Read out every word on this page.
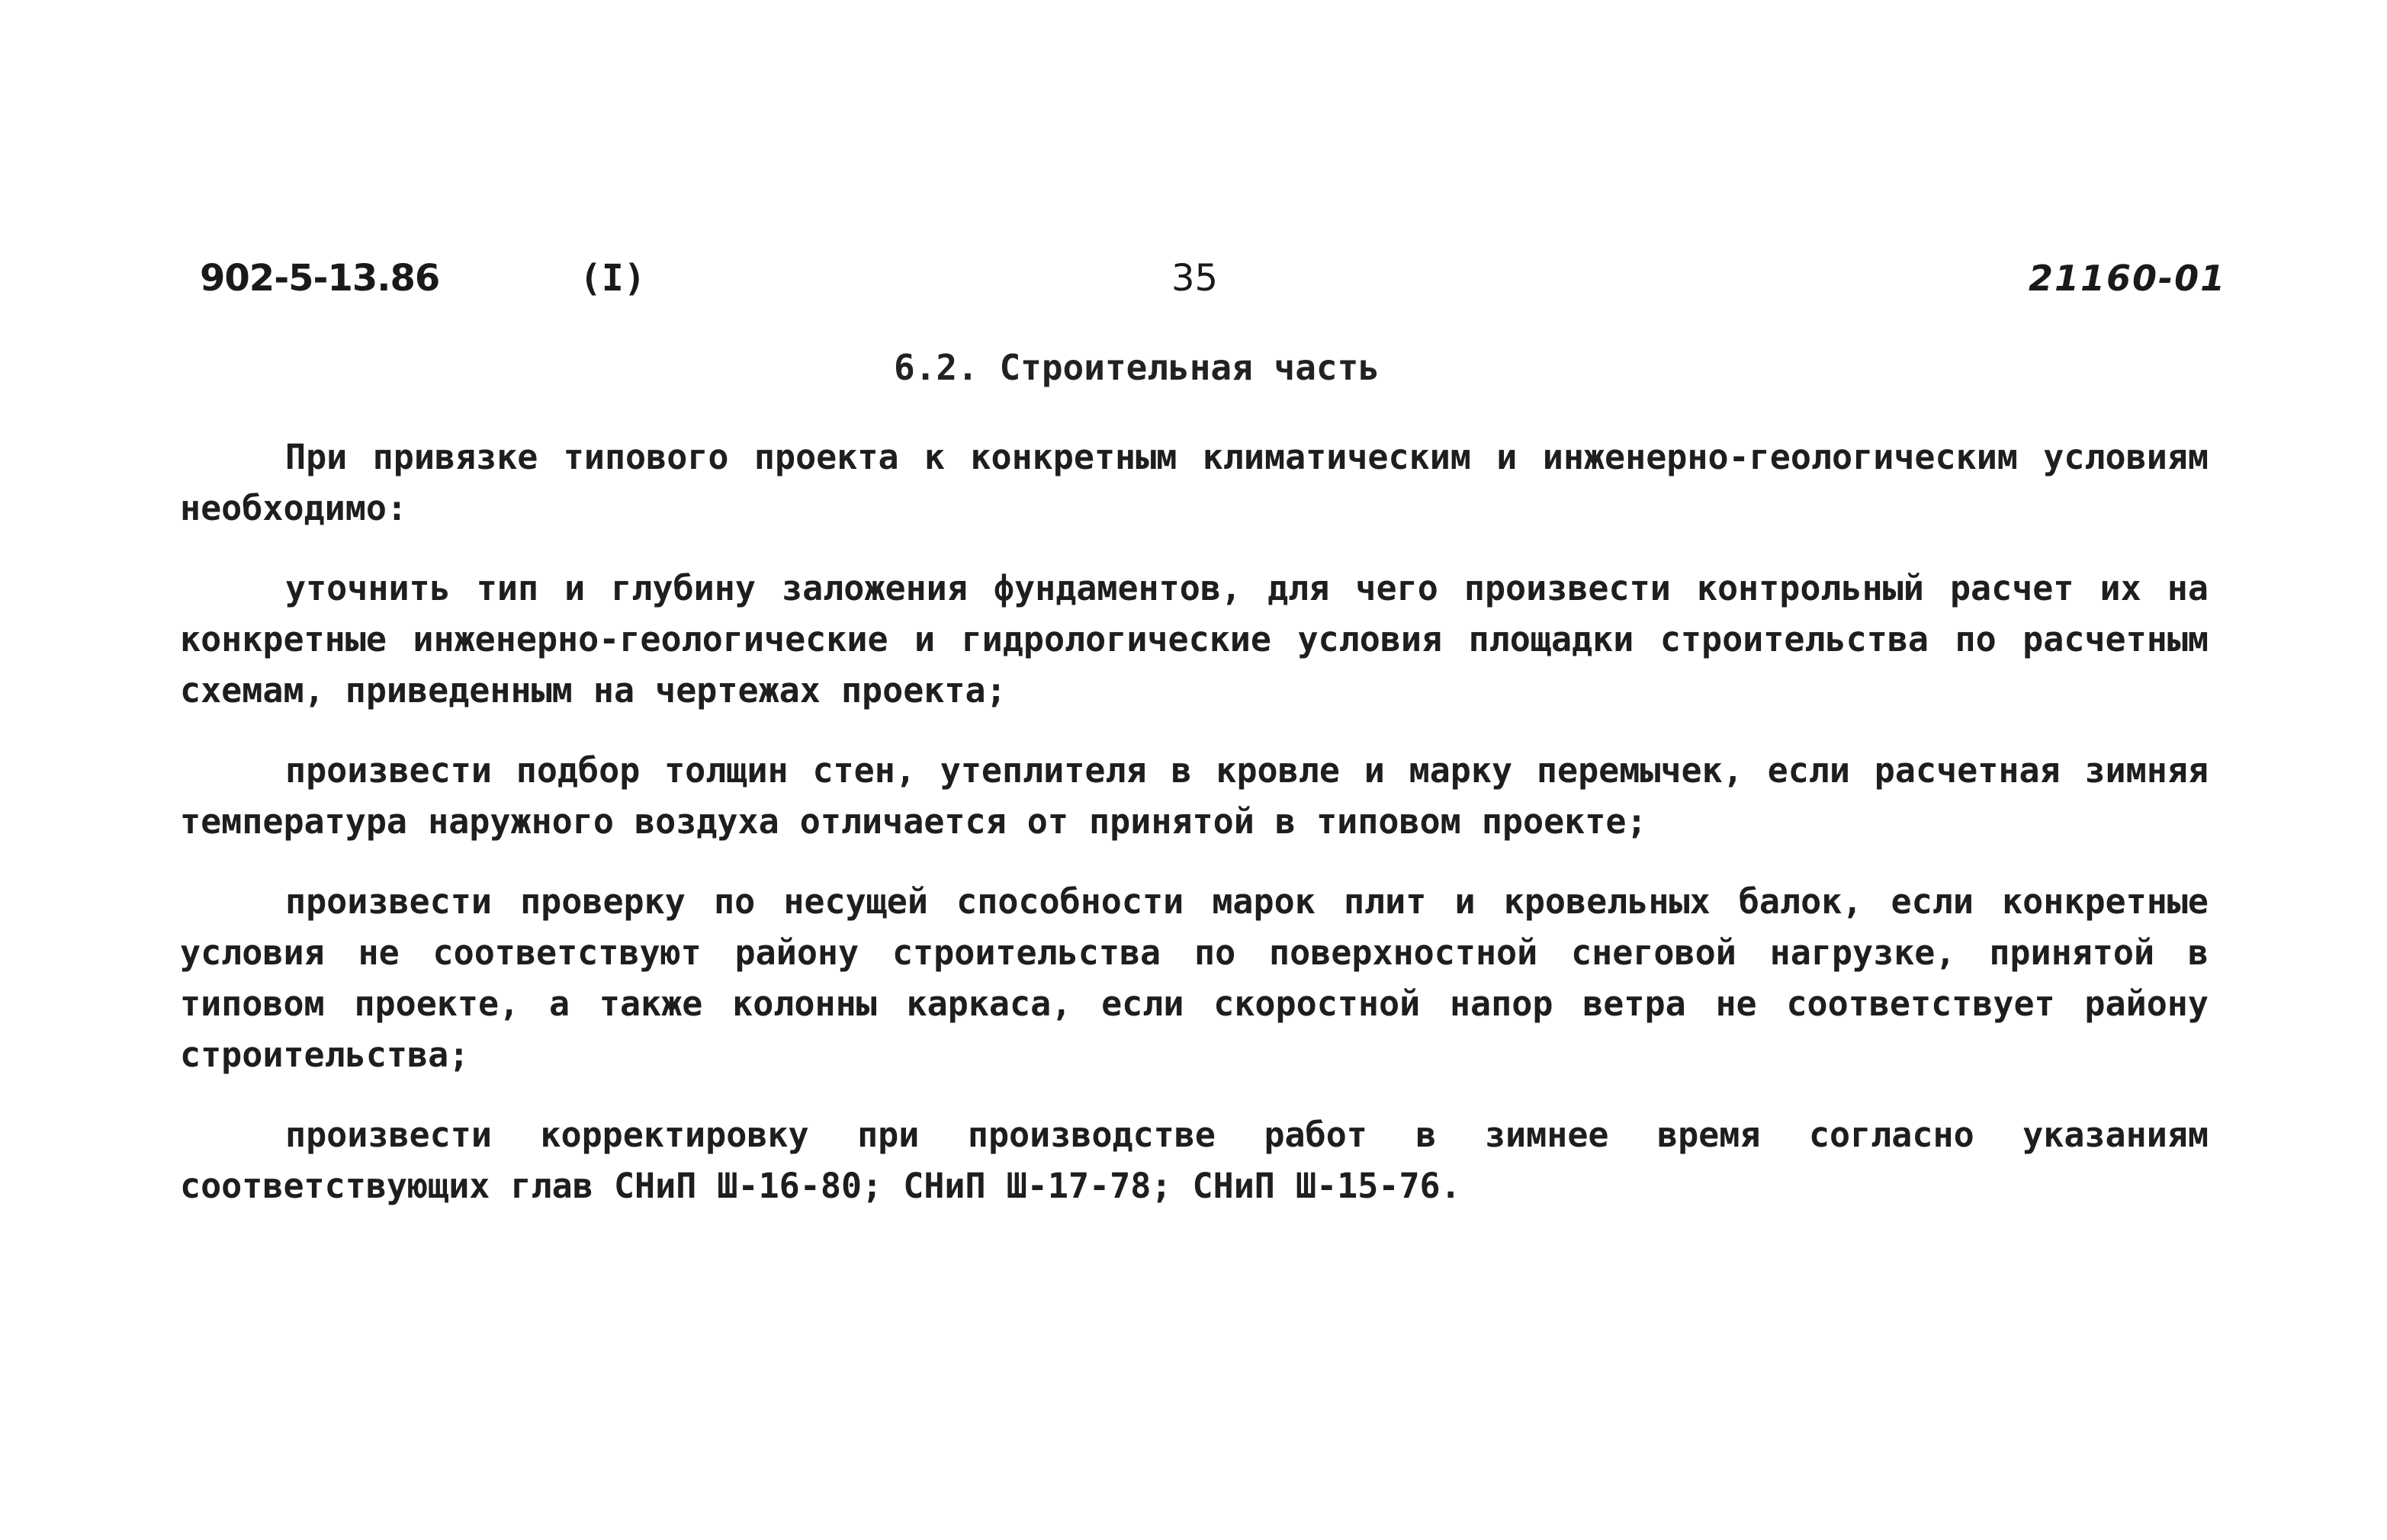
902-5-13.86	(I)	35	21160-01
6.2. Строительная часть

При привязке типового проекта к конкретным климатическим и инженерно-геологическим условиям необходимо:

уточнить тип и глубину заложения фундаментов, для чего произвести контрольный расчет их на конкретные инженерно-геологические и гидрологические условия площадки строительства по расчетным схемам, приведенным на чертежах проекта;

произвести подбор толщин стен, утеплителя в кровле и марку перемычек, если расчетная зимняя температура наружного воздуха отличается от принятой в типовом проекте;

произвести проверку по несущей способности марок плит и кровельных балок, если конкретные условия не соответствуют району строительства по поверхностной снеговой нагрузке, принятой в типовом проекте, а также колонны каркаса, если скоростной напор ветра не соответствует району строительства;

произвести корректировку при производстве работ в зимнее время согласно указаниям соответствующих глав СНиП Ш-16-80; СНиП Ш-17-78; СНиП Ш-15-76.
